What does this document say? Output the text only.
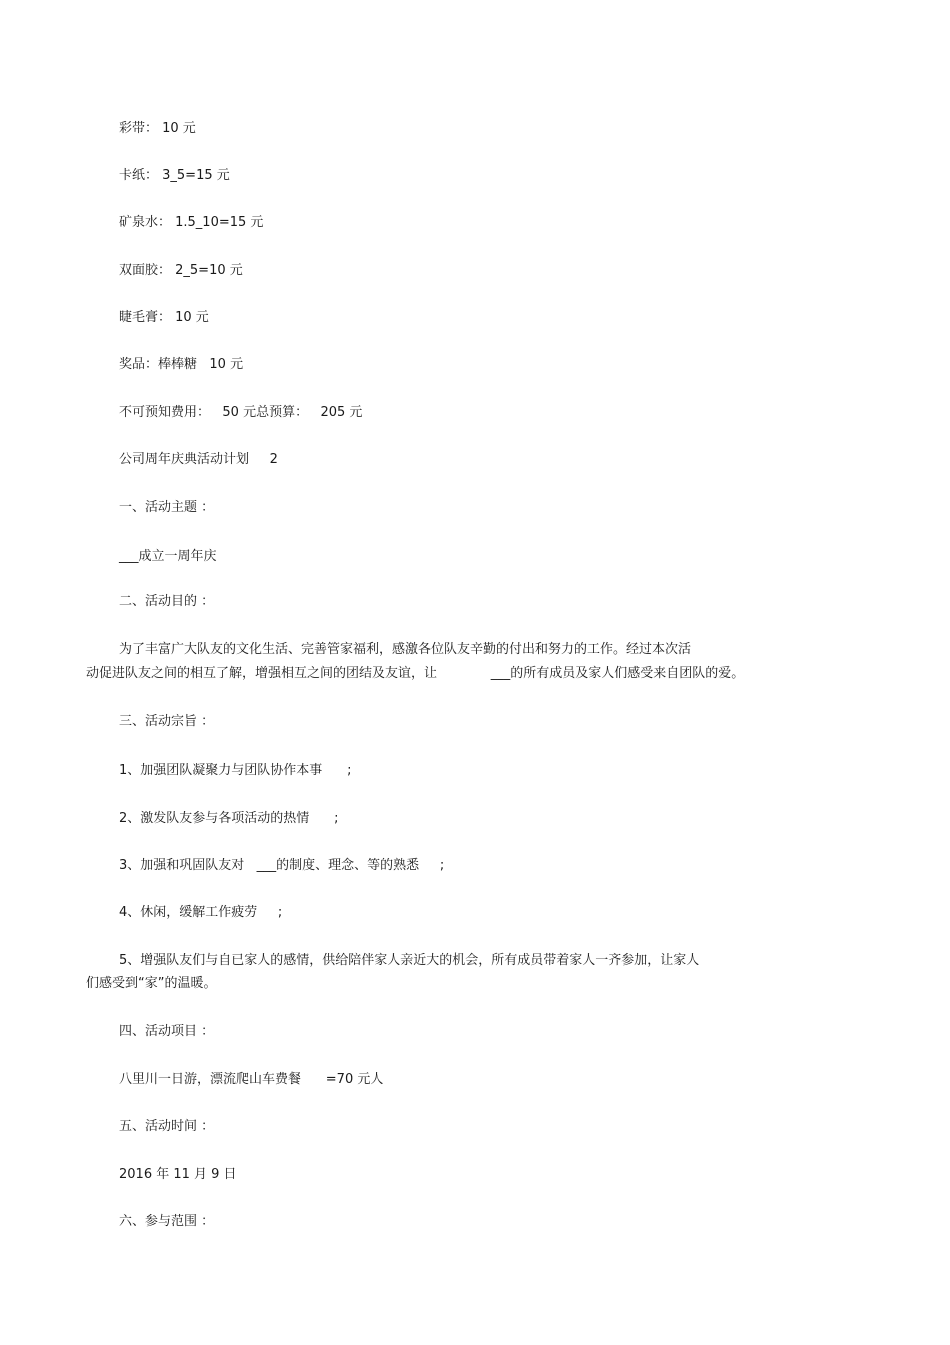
彩带： 10 元
卡纸： 3_5=15 元
矿泉水： 1.5_10=15 元
双面胶： 2_5=10 元
睫毛膏： 10 元
奖品：棒棒糖   10 元
不可预知费用：   50 元总预算：   205 元
公司周年庆典活动计划     2
一、活动主题 ：
___成立一周年庆
二、活动目的 ：
为了丰富广大队友的文化生活、完善管家福利，感激各位队友辛勤的付出和努力的工作。经过本次活
动促进队友之间的相互了解，增强相互之间的团结及友谊，让             ___的所有成员及家人们感受来自团队的爱。
三、活动宗旨 ：
1、加强团队凝聚力与团队协作本事      ;
2、激发队友参与各项活动的热情      ;
3、加强和巩固队友对   ___的制度、理念、等的熟悉     ;
4、休闲，缓解工作疲劳     ;
5、增强队友们与自已家人的感情，供给陪伴家人亲近大的机会，所有成员带着家人一齐参加，让家人
们感受到“家”的温暖。
四、活动项目 ：
八里川一日游，漂流爬山车费餐      =70 元人
五、活动时间 ：
2016 年 11 月 9 日
六、参与范围 ：
